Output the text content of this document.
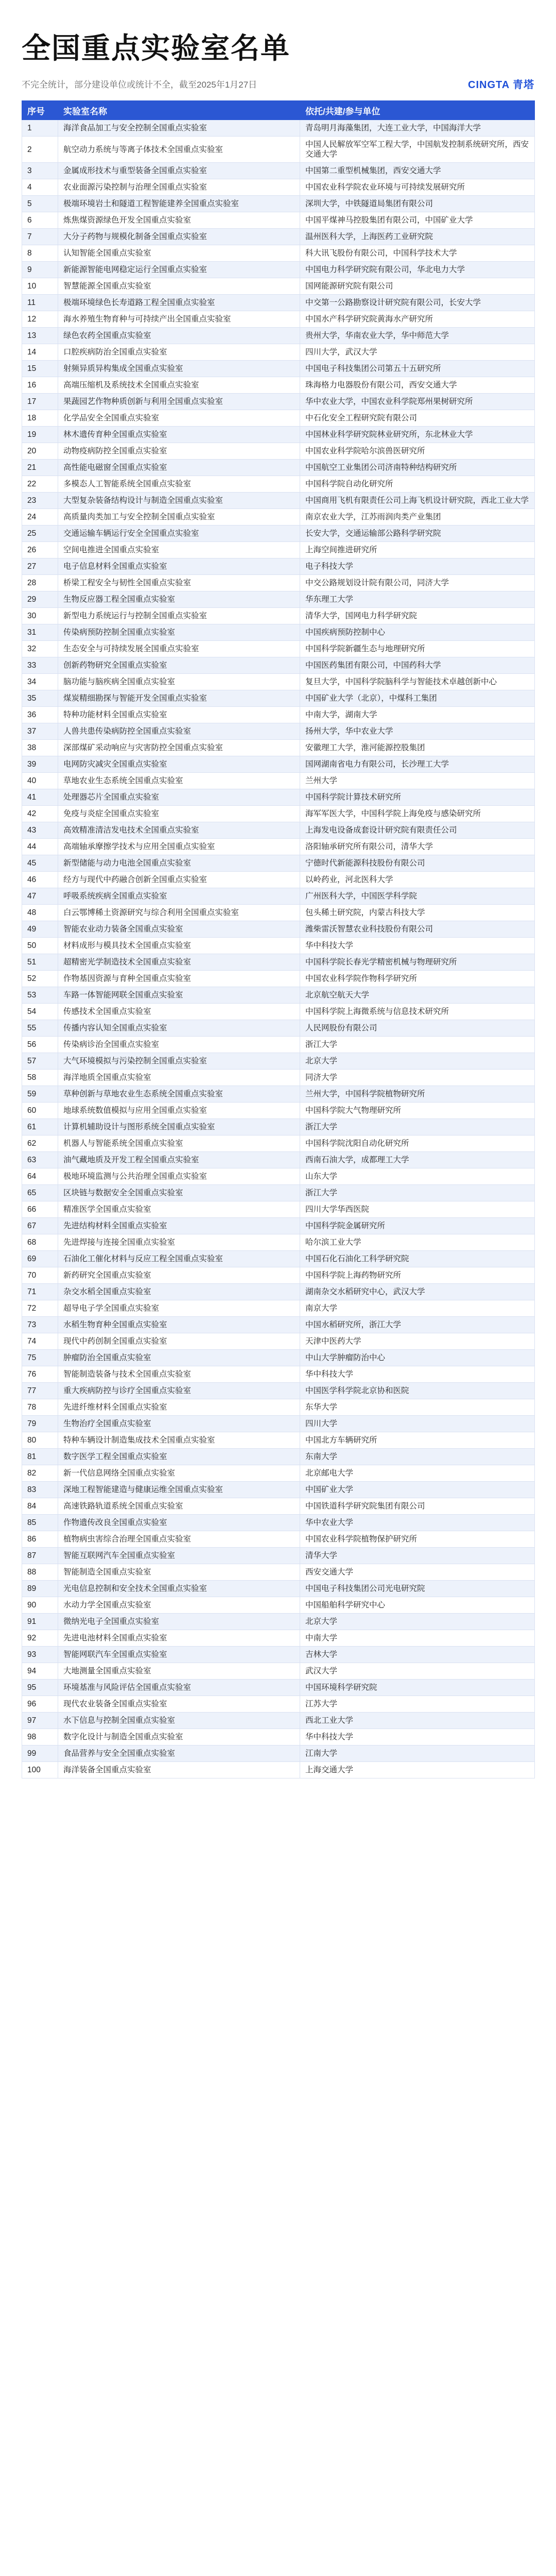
全国重点实验室名单
不完全统计，部分建设单位或统计不全，截至2025年1月27日	CINGTA 青塔
序号	实验室名称	依托/共建/参与单位
1	海洋食品加工与安全控制全国重点实验室	青岛明月海藻集团，大连工业大学，中国海洋大学
2	航空动力系统与等离子体技术全国重点实验室	中国人民解放军空军工程大学，中国航发控制系统研究所，西安交通大学
3	金属成形技术与重型装备全国重点实验室	中国第二重型机械集团，西安交通大学
4	农业面源污染控制与治理全国重点实验室	中国农业科学院农业环境与可持续发展研究所
5	极端环境岩土和隧道工程智能建养全国重点实验室	深圳大学，中铁隧道局集团有限公司
6	炼焦煤资源绿色开发全国重点实验室	中国平煤神马控股集团有限公司，中国矿业大学
7	大分子药物与规模化制备全国重点实验室	温州医科大学，上海医药工业研究院
8	认知智能全国重点实验室	科大讯飞股份有限公司，中国科学技术大学
9	新能源智能电网稳定运行全国重点实验室	中国电力科学研究院有限公司，华北电力大学
10	智慧能源全国重点实验室	国网能源研究院有限公司
11	极端环境绿色长寿道路工程全国重点实验室	中交第一公路勘察设计研究院有限公司，长安大学
12	海水养殖生物育种与可持续产出全国重点实验室	中国水产科学研究院黄海水产研究所
13	绿色农药全国重点实验室	贵州大学，华南农业大学，华中师范大学
14	口腔疾病防治全国重点实验室	四川大学，武汉大学
15	射频异质异构集成全国重点实验室	中国电子科技集团公司第五十五研究所
16	高端压缩机及系统技术全国重点实验室	珠海格力电器股份有限公司，西安交通大学
17	果蔬园艺作物种质创新与利用全国重点实验室	华中农业大学，中国农业科学院郑州果树研究所
18	化学品安全全国重点实验室	中石化安全工程研究院有限公司
19	林木遗传育种全国重点实验室	中国林业科学研究院林业研究所，东北林业大学
20	动物疫病防控全国重点实验室	中国农业科学院哈尔滨兽医研究所
21	高性能电磁窗全国重点实验室	中国航空工业集团公司济南特种结构研究所
22	多模态人工智能系统全国重点实验室	中国科学院自动化研究所
23	大型复杂装备结构设计与制造全国重点实验室	中国商用飞机有限责任公司上海飞机设计研究院，西北工业大学
24	高质量肉类加工与安全控制全国重点实验室	南京农业大学，江苏雨润肉类产业集团
25	交通运输车辆运行安全全国重点实验室	长安大学，交通运输部公路科学研究院
26	空间电推进全国重点实验室	上海空间推进研究所
27	电子信息材料全国重点实验室	电子科技大学
28	桥梁工程安全与韧性全国重点实验室	中交公路规划设计院有限公司，同济大学
29	生物反应器工程全国重点实验室	华东理工大学
30	新型电力系统运行与控制全国重点实验室	清华大学，国网电力科学研究院
31	传染病预防控制全国重点实验室	中国疾病预防控制中心
32	生态安全与可持续发展全国重点实验室	中国科学院新疆生态与地理研究所
33	创新药物研究全国重点实验室	中国医药集团有限公司，中国药科大学
34	脑功能与脑疾病全国重点实验室	复旦大学，中国科学院脑科学与智能技术卓越创新中心
35	煤炭精细勘探与智能开发全国重点实验室	中国矿业大学（北京），中煤科工集团
36	特种功能材料全国重点实验室	中南大学，湖南大学
37	人兽共患传染病防控全国重点实验室	扬州大学，华中农业大学
38	深部煤矿采动响应与灾害防控全国重点实验室	安徽理工大学，淮河能源控股集团
39	电网防灾减灾全国重点实验室	国网湖南省电力有限公司，长沙理工大学
40	草地农业生态系统全国重点实验室	兰州大学
41	处理器芯片全国重点实验室	中国科学院计算技术研究所
42	免疫与炎症全国重点实验室	海军军医大学，中国科学院上海免疫与感染研究所
43	高效精准清洁发电技术全国重点实验室	上海发电设备成套设计研究院有限责任公司
44	高端轴承摩擦学技术与应用全国重点实验室	洛阳轴承研究所有限公司，清华大学
45	新型储能与动力电池全国重点实验室	宁德时代新能源科技股份有限公司
46	经方与现代中药融合创新全国重点实验室	以岭药业，河北医科大学
47	呼吸系统疾病全国重点实验室	广州医科大学，中国医学科学院
48	白云鄂博稀土资源研究与综合利用全国重点实验室	包头稀土研究院，内蒙古科技大学
49	智能农业动力装备全国重点实验室	潍柴雷沃智慧农业科技股份有限公司
50	材料成形与模具技术全国重点实验室	华中科技大学
51	超精密光学制造技术全国重点实验室	中国科学院长春光学精密机械与物理研究所
52	作物基因资源与育种全国重点实验室	中国农业科学院作物科学研究所
53	车路一体智能网联全国重点实验室	北京航空航天大学
54	传感技术全国重点实验室	中国科学院上海微系统与信息技术研究所
55	传播内容认知全国重点实验室	人民网股份有限公司
56	传染病诊治全国重点实验室	浙江大学
57	大气环境模拟与污染控制全国重点实验室	北京大学
58	海洋地质全国重点实验室	同济大学
59	草种创新与草地农业生态系统全国重点实验室	兰州大学，中国科学院植物研究所
60	地球系统数值模拟与应用全国重点实验室	中国科学院大气物理研究所
61	计算机辅助设计与图形系统全国重点实验室	浙江大学
62	机器人与智能系统全国重点实验室	中国科学院沈阳自动化研究所
63	油气藏地质及开发工程全国重点实验室	西南石油大学，成都理工大学
64	极地环境监测与公共治理全国重点实验室	山东大学
65	区块链与数据安全全国重点实验室	浙江大学
66	精准医学全国重点实验室	四川大学华西医院
67	先进结构材料全国重点实验室	中国科学院金属研究所
68	先进焊接与连接全国重点实验室	哈尔滨工业大学
69	石油化工催化材料与反应工程全国重点实验室	中国石化石油化工科学研究院
70	新药研究全国重点实验室	中国科学院上海药物研究所
71	杂交水稻全国重点实验室	湖南杂交水稻研究中心，武汉大学
72	超导电子学全国重点实验室	南京大学
73	水稻生物育种全国重点实验室	中国水稻研究所，浙江大学
74	现代中药创制全国重点实验室	天津中医药大学
75	肿瘤防治全国重点实验室	中山大学肿瘤防治中心
76	智能制造装备与技术全国重点实验室	华中科技大学
77	重大疾病防控与诊疗全国重点实验室	中国医学科学院北京协和医院
78	先进纤维材料全国重点实验室	东华大学
79	生物治疗全国重点实验室	四川大学
80	特种车辆设计制造集成技术全国重点实验室	中国北方车辆研究所
81	数字医学工程全国重点实验室	东南大学
82	新一代信息网络全国重点实验室	北京邮电大学
83	深地工程智能建造与健康运维全国重点实验室	中国矿业大学
84	高速铁路轨道系统全国重点实验室	中国铁道科学研究院集团有限公司
85	作物遗传改良全国重点实验室	华中农业大学
86	植物病虫害综合治理全国重点实验室	中国农业科学院植物保护研究所
87	智能互联网汽车全国重点实验室	清华大学
88	智能制造全国重点实验室	西安交通大学
89	光电信息控制和安全技术全国重点实验室	中国电子科技集团公司光电研究院
90	水动力学全国重点实验室	中国船舶科学研究中心
91	微纳光电子全国重点实验室	北京大学
92	先进电池材料全国重点实验室	中南大学
93	智能网联汽车全国重点实验室	吉林大学
94	大地测量全国重点实验室	武汉大学
95	环境基准与风险评估全国重点实验室	中国环境科学研究院
96	现代农业装备全国重点实验室	江苏大学
97	水下信息与控制全国重点实验室	西北工业大学
98	数字化设计与制造全国重点实验室	华中科技大学
99	食品营养与安全全国重点实验室	江南大学
100	海洋装备全国重点实验室	上海交通大学
